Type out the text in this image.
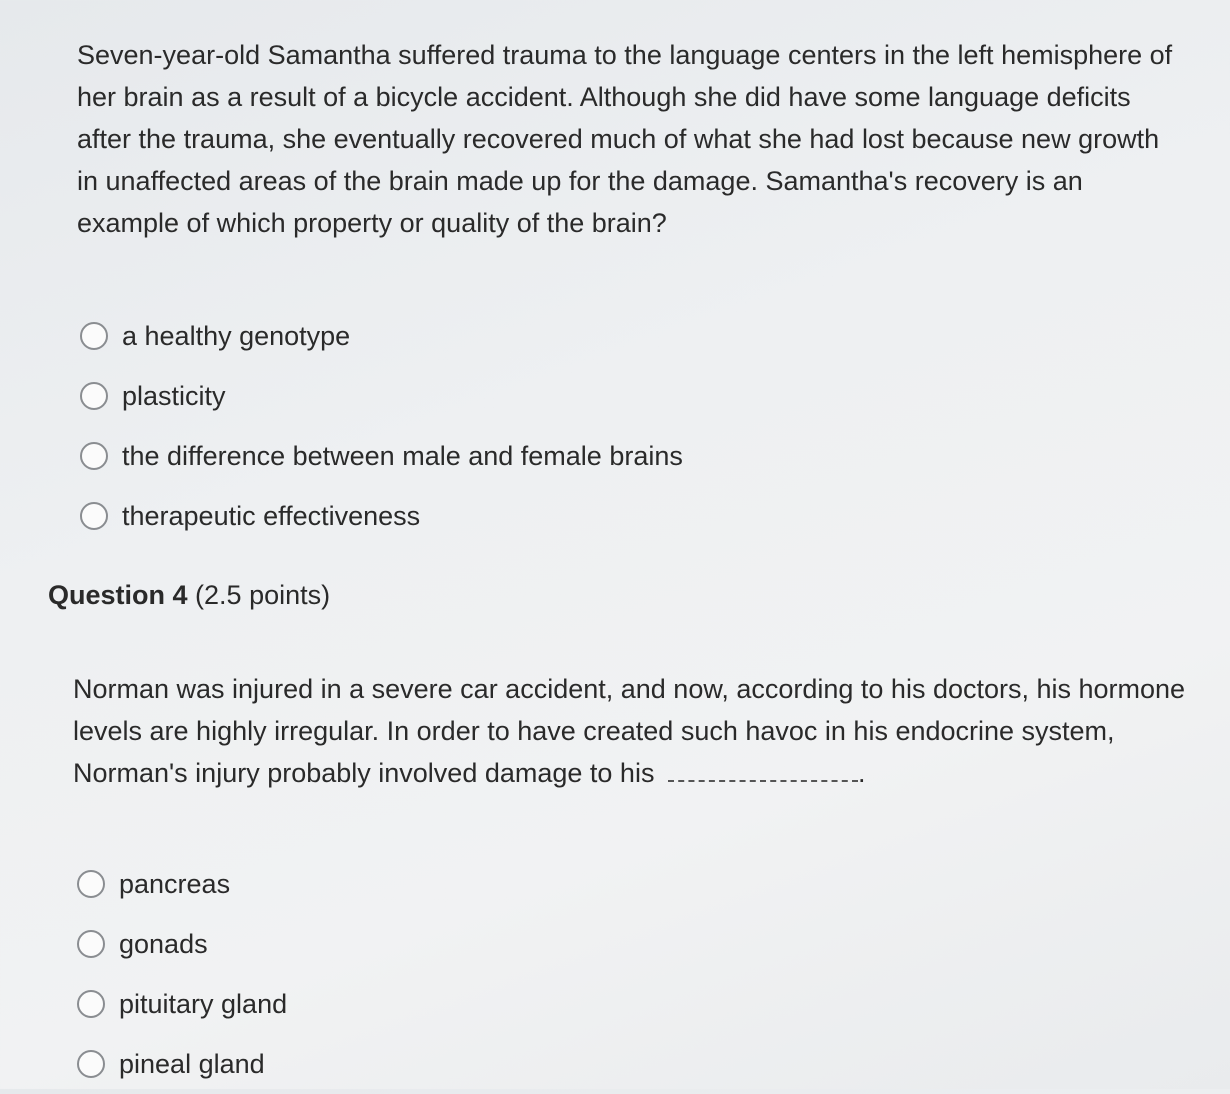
Seven-year-old Samantha suffered trauma to the language centers in the left hemisphere of her brain as a result of a bicycle accident. Although she did have some language deficits after the trauma, she eventually recovered much of what she had lost because new growth in unaffected areas of the brain made up for the damage. Samantha's recovery is an example of which property or quality of the brain?

a healthy genotype
plasticity
the difference between male and female brains
therapeutic effectiveness

Question 4 (2.5 points)

Norman was injured in a severe car accident, and now, according to his doctors, his hormone levels are highly irregular. In order to have created such havoc in his endocrine system, Norman's injury probably involved damage to his	.

pancreas
gonads
pituitary gland
pineal gland
